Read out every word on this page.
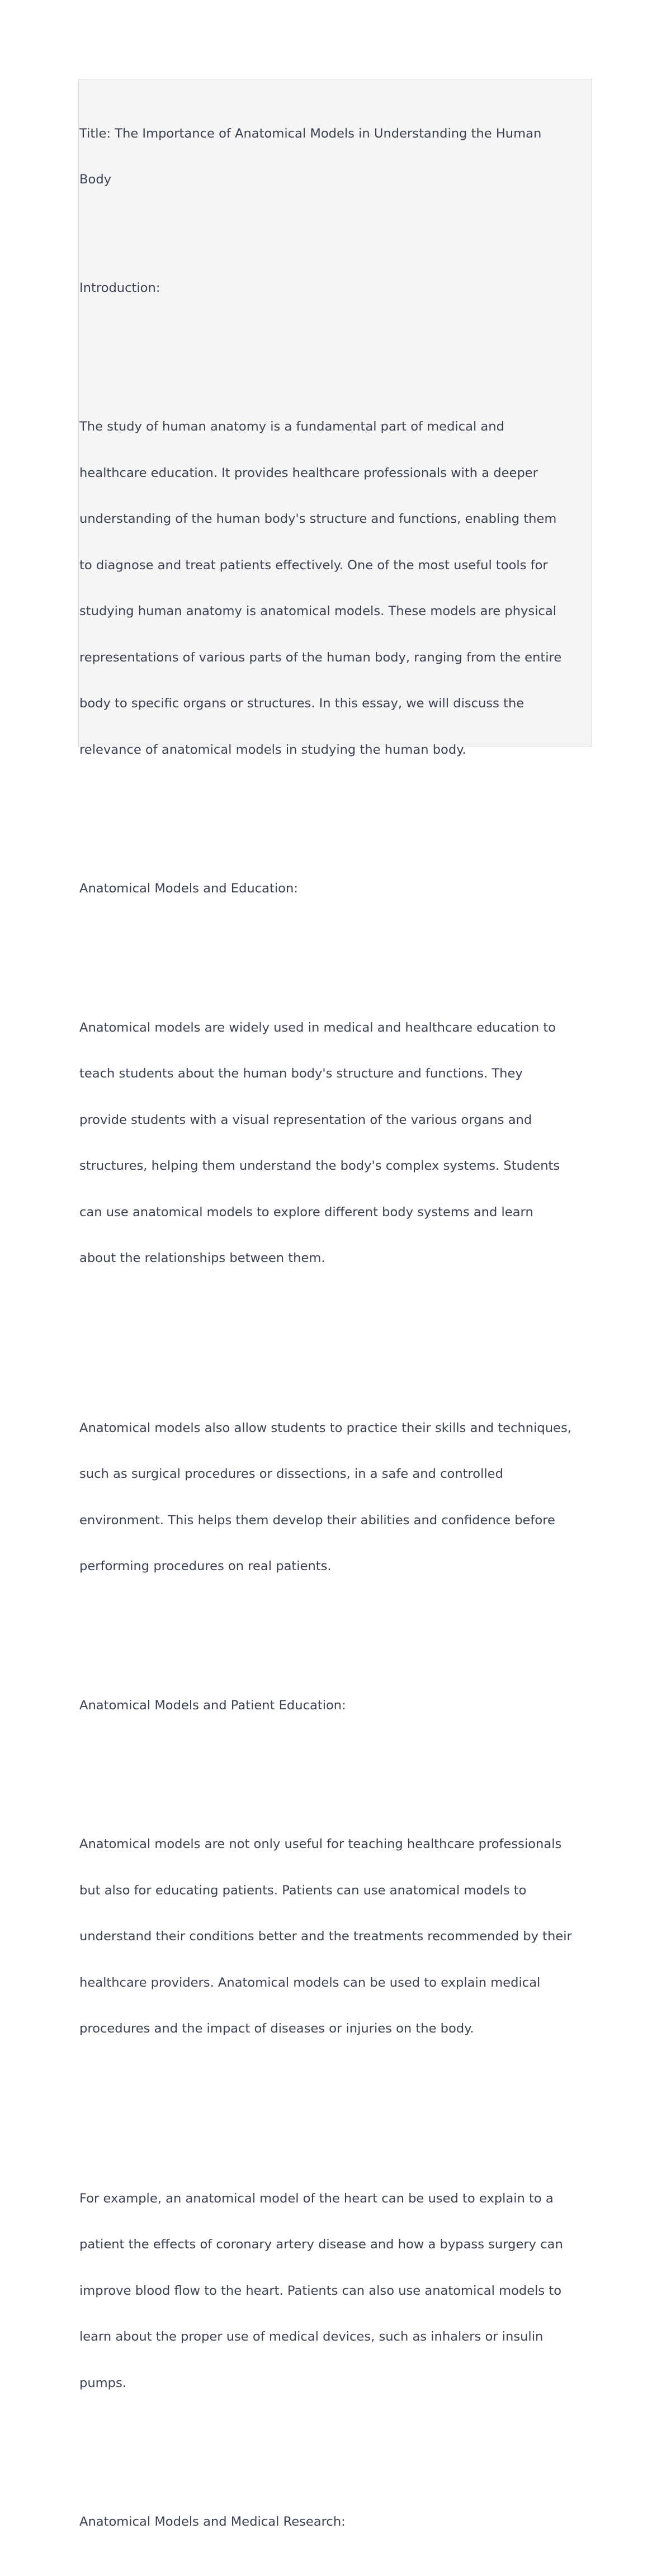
Title: The Importance of Anatomical Models in Understanding the Human

Body

Introduction:

The study of human anatomy is a fundamental part of medical and

healthcare education. It provides healthcare professionals with a deeper

understanding of the human body's structure and functions, enabling them

to diagnose and treat patients effectively. One of the most useful tools for

studying human anatomy is anatomical models. These models are physical

representations of various parts of the human body, ranging from the entire

body to specific organs or structures. In this essay, we will discuss the

relevance of anatomical models in studying the human body.

Anatomical Models and Education:

Anatomical models are widely used in medical and healthcare education to

teach students about the human body's structure and functions. They

provide students with a visual representation of the various organs and

structures, helping them understand the body's complex systems. Students

can use anatomical models to explore different body systems and learn

about the relationships between them.

Anatomical models also allow students to practice their skills and techniques,

such as surgical procedures or dissections, in a safe and controlled

environment. This helps them develop their abilities and confidence before

performing procedures on real patients.

Anatomical Models and Patient Education:

Anatomical models are not only useful for teaching healthcare professionals

but also for educating patients. Patients can use anatomical models to

understand their conditions better and the treatments recommended by their

healthcare providers. Anatomical models can be used to explain medical

procedures and the impact of diseases or injuries on the body.

For example, an anatomical model of the heart can be used to explain to a

patient the effects of coronary artery disease and how a bypass surgery can

improve blood flow to the heart. Patients can also use anatomical models to

learn about the proper use of medical devices, such as inhalers or insulin

pumps.

Anatomical Models and Medical Research:
